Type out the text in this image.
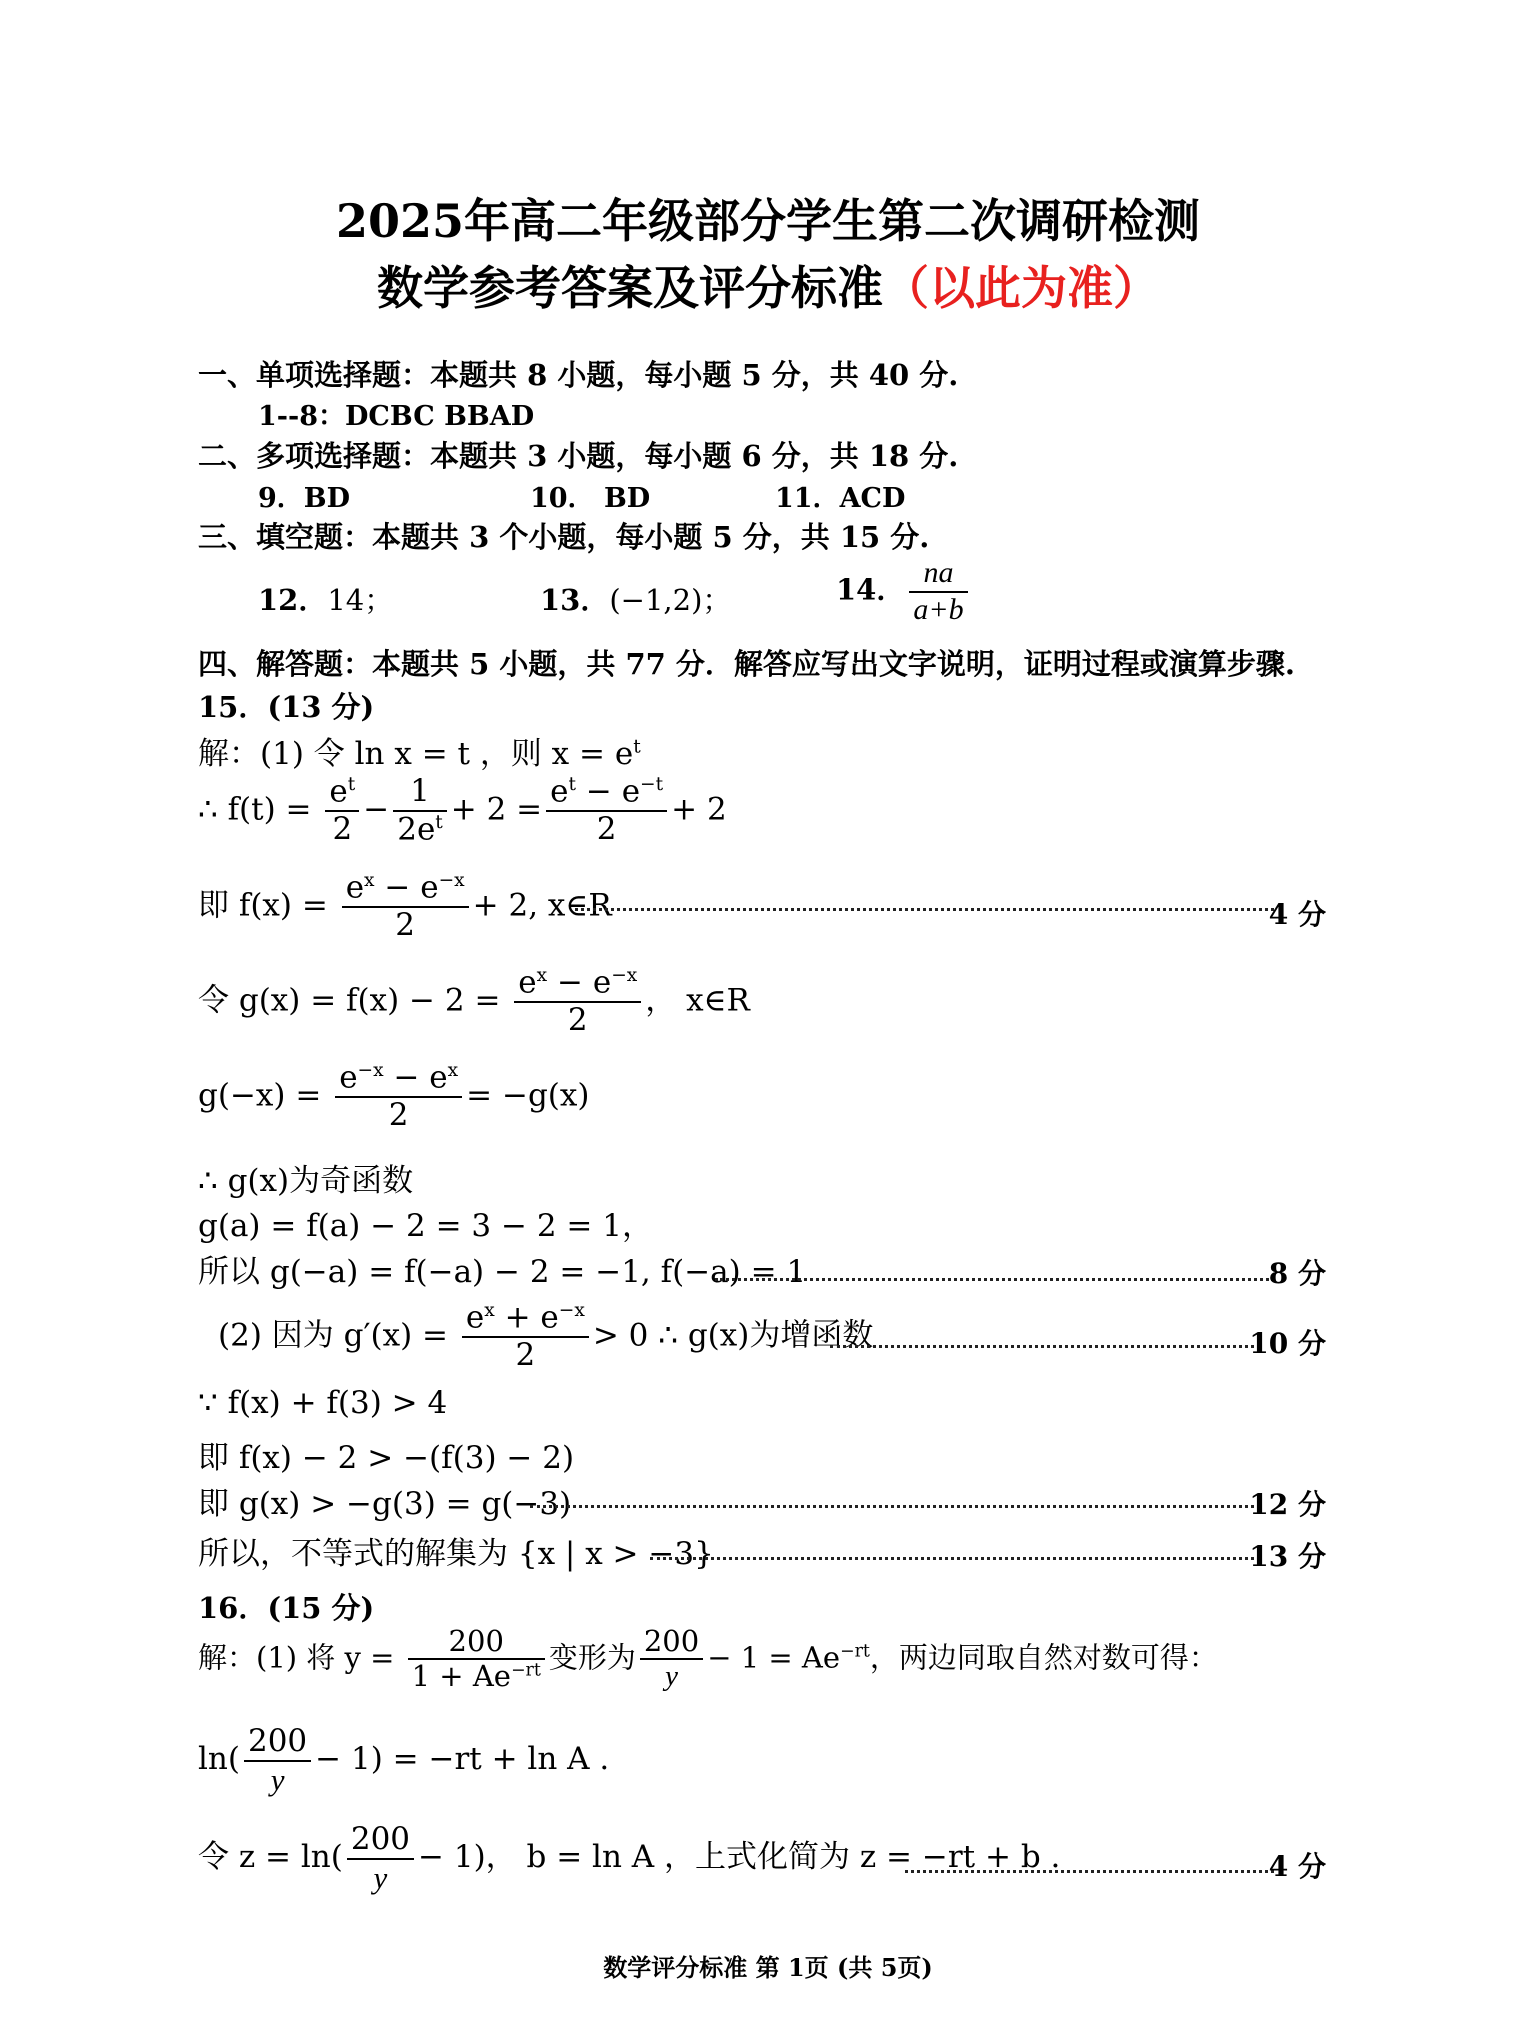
2025年高二年级部分学生第二次调研检测
数学参考答案及评分标准（以此为准）
一、单项选择题：本题共 8 小题，每小题 5 分，共 40 分.
1--8：DCBC BBAD
二、多项选择题：本题共 3 小题，每小题 6 分，共 18 分.
9．BD	10． BD	11．ACD
三、填空题：本题共 3 个小题，每小题 5 分，共 15 分.
12．14；	13．(−1,2)；	14． $\frac{na}{a+b}$
四、解答题：本题共 5 小题，共 77 分．解答应写出文字说明，证明过程或演算步骤.
15．(13 分)
解：(1) 令 ln x = t ，则 $x = e^t$
∴ $f(t) = \frac{e^t}{2} - \frac{1}{2e^t} + 2 = \frac{e^t - e^{-t}}{2} + 2$
即 $f(x) = \frac{e^x - e^{-x}}{2} + 2$, x∈R	4 分
令 $g(x) = f(x) - 2 = \frac{e^x - e^{-x}}{2}$ ， x∈R
$g(-x) = \frac{e^{-x} - e^x}{2} = -g(x)$
∴ g(x)为奇函数
g(a) = f(a) − 2 = 3 − 2 = 1，
所以 g(−a) = f(−a) − 2 = −1, f(−a) = 1	8 分
(2) 因为 $g'(x) = \frac{e^x + e^{-x}}{2} > 0$ ∴ g(x)为增函数	10 分
∵ f(x) + f(3) > 4
即 f(x) − 2 > −(f(3) − 2)
即 g(x) > −g(3) = g(−3)	12 分
所以，不等式的解集为 {x | x > −3}	13 分
16．(15 分)
解：(1) 将 $y = \frac{200}{1 + Ae^{-rt}}$ 变形为 $\frac{200}{y} - 1 = Ae^{-rt}$，两边同取自然对数可得：
$\ln( \frac{200}{y} - 1) = -rt + \ln A$ .
令 $z = \ln( \frac{200}{y} - 1)$， b = ln A ，上式化简为 z = −rt + b .	4 分
数学评分标准 第 1页 (共 5页)
